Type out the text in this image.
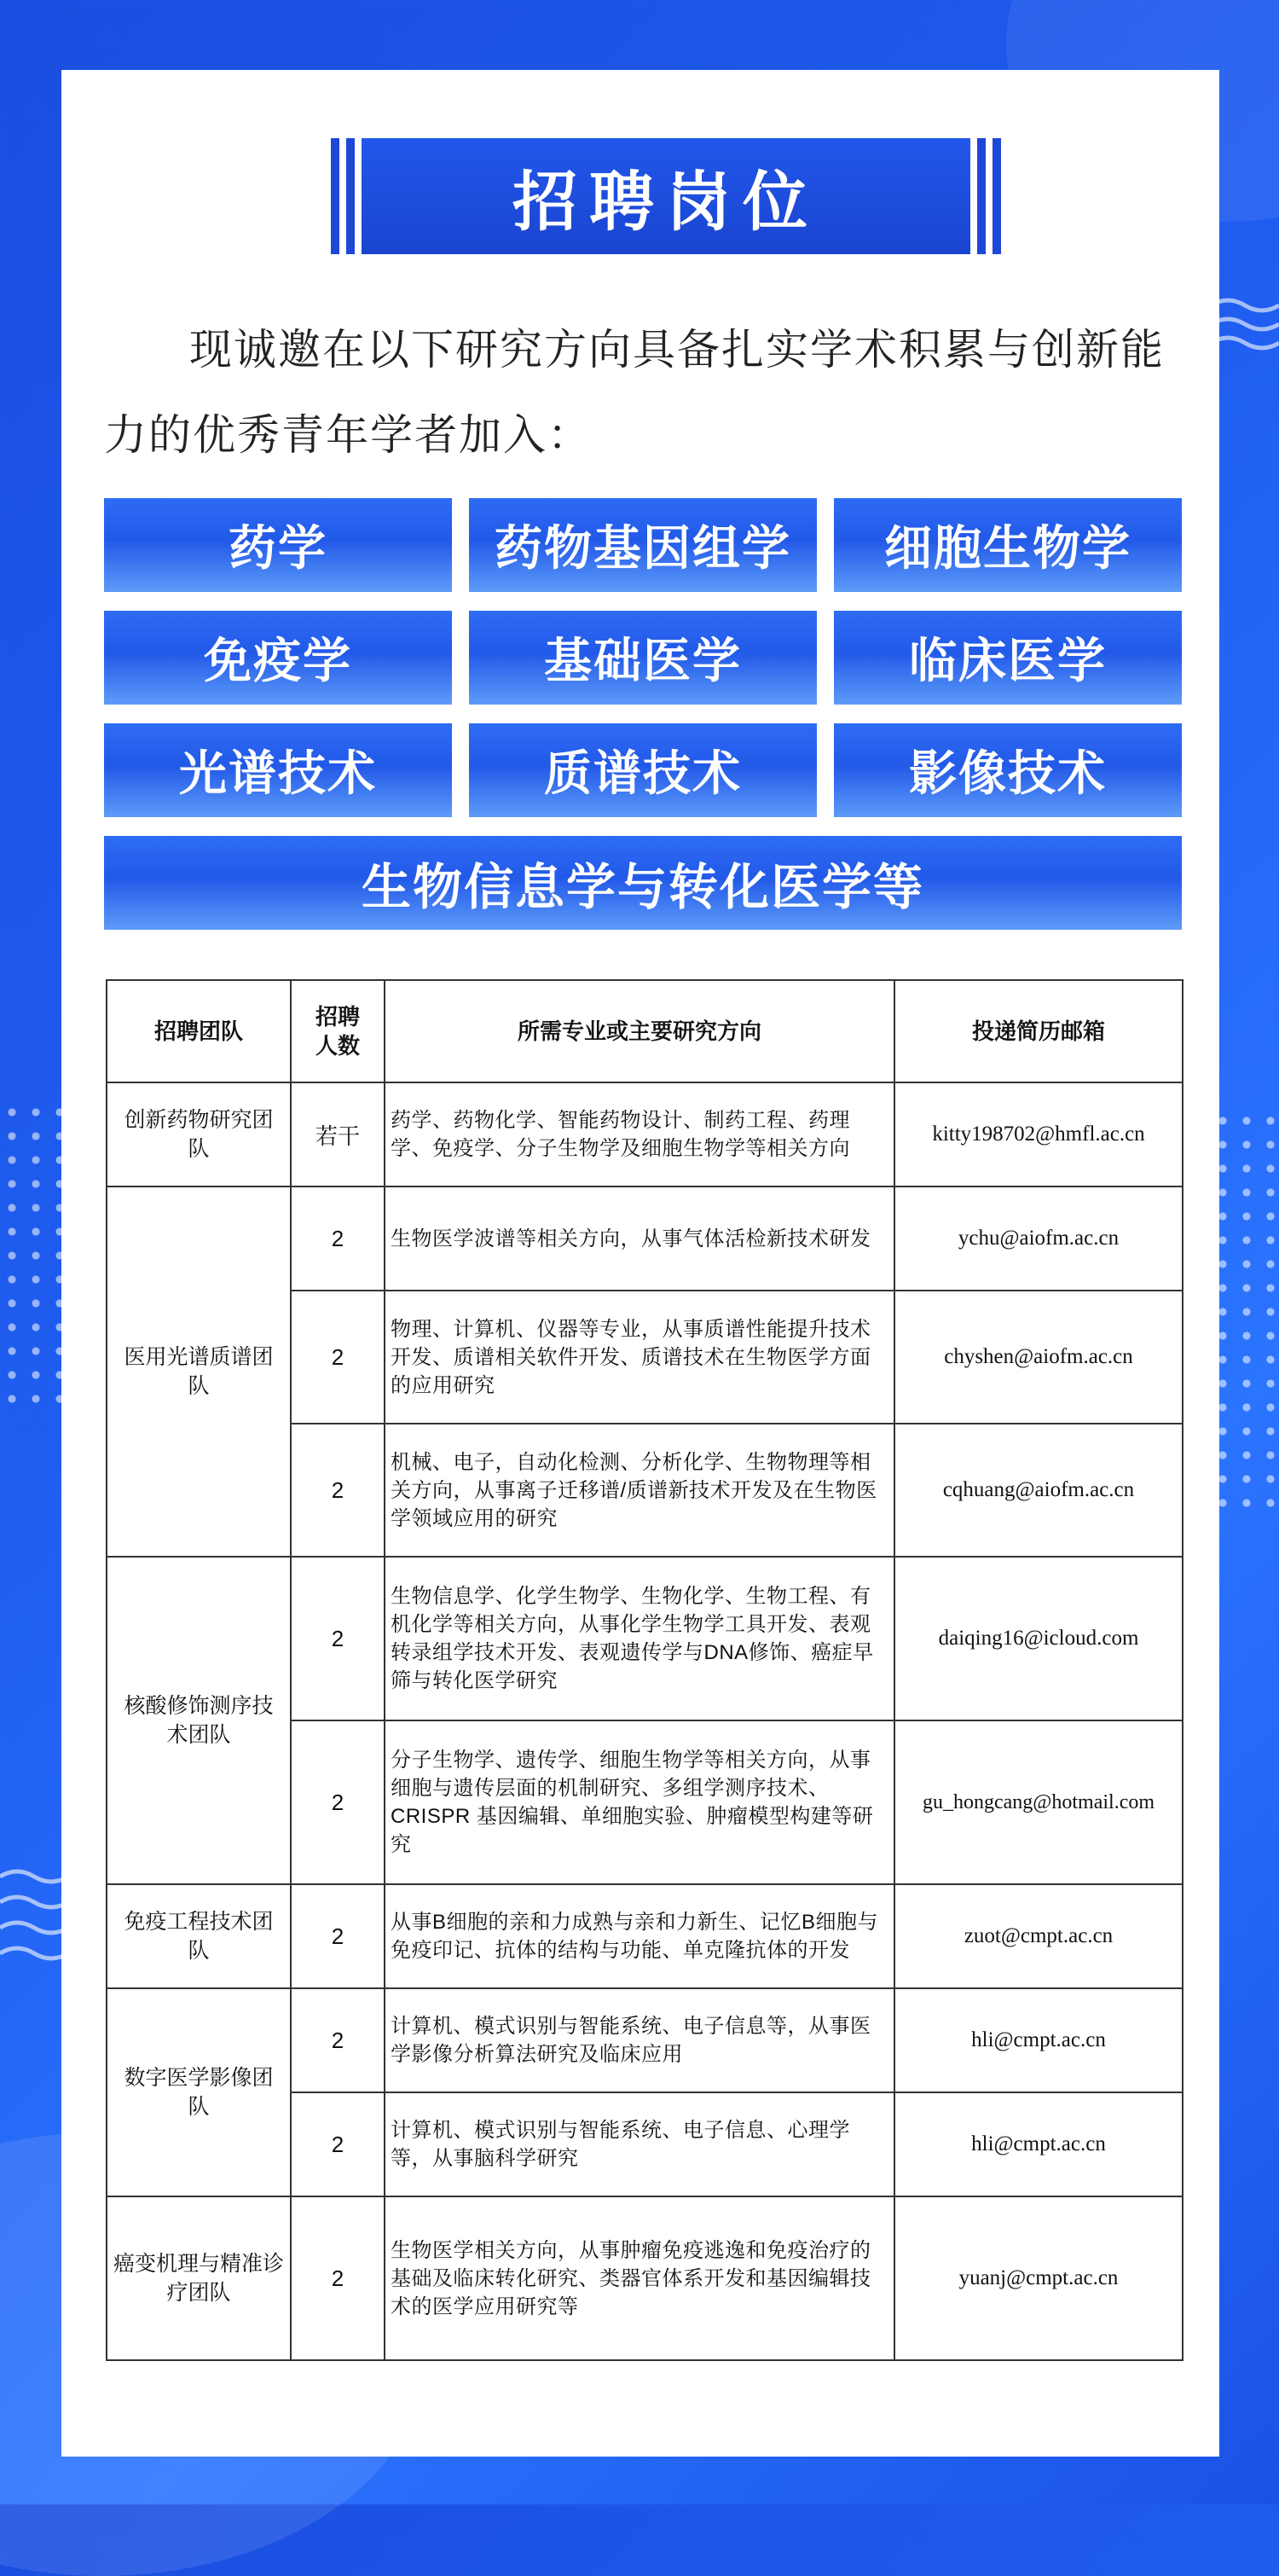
招聘岗位
现诚邀在以下研究方向具备扎实学术积累与创新能力的优秀青年学者加入：
药学	药物基因组学	细胞生物学
免疫学	基础医学	临床医学
光谱技术	质谱技术	影像技术
生物信息学与转化医学等
招聘团队	招聘人数	所需专业或主要研究方向	投递简历邮箱
创新药物研究团队	若干	药学、药物化学、智能药物设计、制药工程、药理学、免疫学、分子生物学及细胞生物学等相关方向	kitty198702@hmfl.ac.cn
医用光谱质谱团队	2	生物医学波谱等相关方向，从事气体活检新技术研发	ychu@aiofm.ac.cn
	2	物理、计算机、仪器等专业，从事质谱性能提升技术开发、质谱相关软件开发、质谱技术在生物医学方面的应用研究	chyshen@aiofm.ac.cn
	2	机械、电子，自动化检测、分析化学、生物物理等相关方向，从事离子迁移谱/质谱新技术开发及在生物医学领域应用的研究	cqhuang@aiofm.ac.cn
核酸修饰测序技术团队	2	生物信息学、化学生物学、生物化学、生物工程、有机化学等相关方向，从事化学生物学工具开发、表观转录组学技术开发、表观遗传学与DNA修饰、癌症早筛与转化医学研究	daiqing16@icloud.com
	2	分子生物学、遗传学、细胞生物学等相关方向，从事细胞与遗传层面的机制研究、多组学测序技术、CRISPR 基因编辑、单细胞实验、肿瘤模型构建等研究	gu_hongcang@hotmail.com
免疫工程技术团队	2	从事B细胞的亲和力成熟与亲和力新生、记忆B细胞与免疫印记、抗体的结构与功能、单克隆抗体的开发	zuot@cmpt.ac.cn
数字医学影像团队	2	计算机、模式识别与智能系统、电子信息等，从事医学影像分析算法研究及临床应用	hli@cmpt.ac.cn
	2	计算机、模式识别与智能系统、电子信息、心理学等，从事脑科学研究	hli@cmpt.ac.cn
癌变机理与精准诊疗团队	2	生物医学相关方向，从事肿瘤免疫逃逸和免疫治疗的基础及临床转化研究、类器官体系开发和基因编辑技术的医学应用研究等	yuanj@cmpt.ac.cn
